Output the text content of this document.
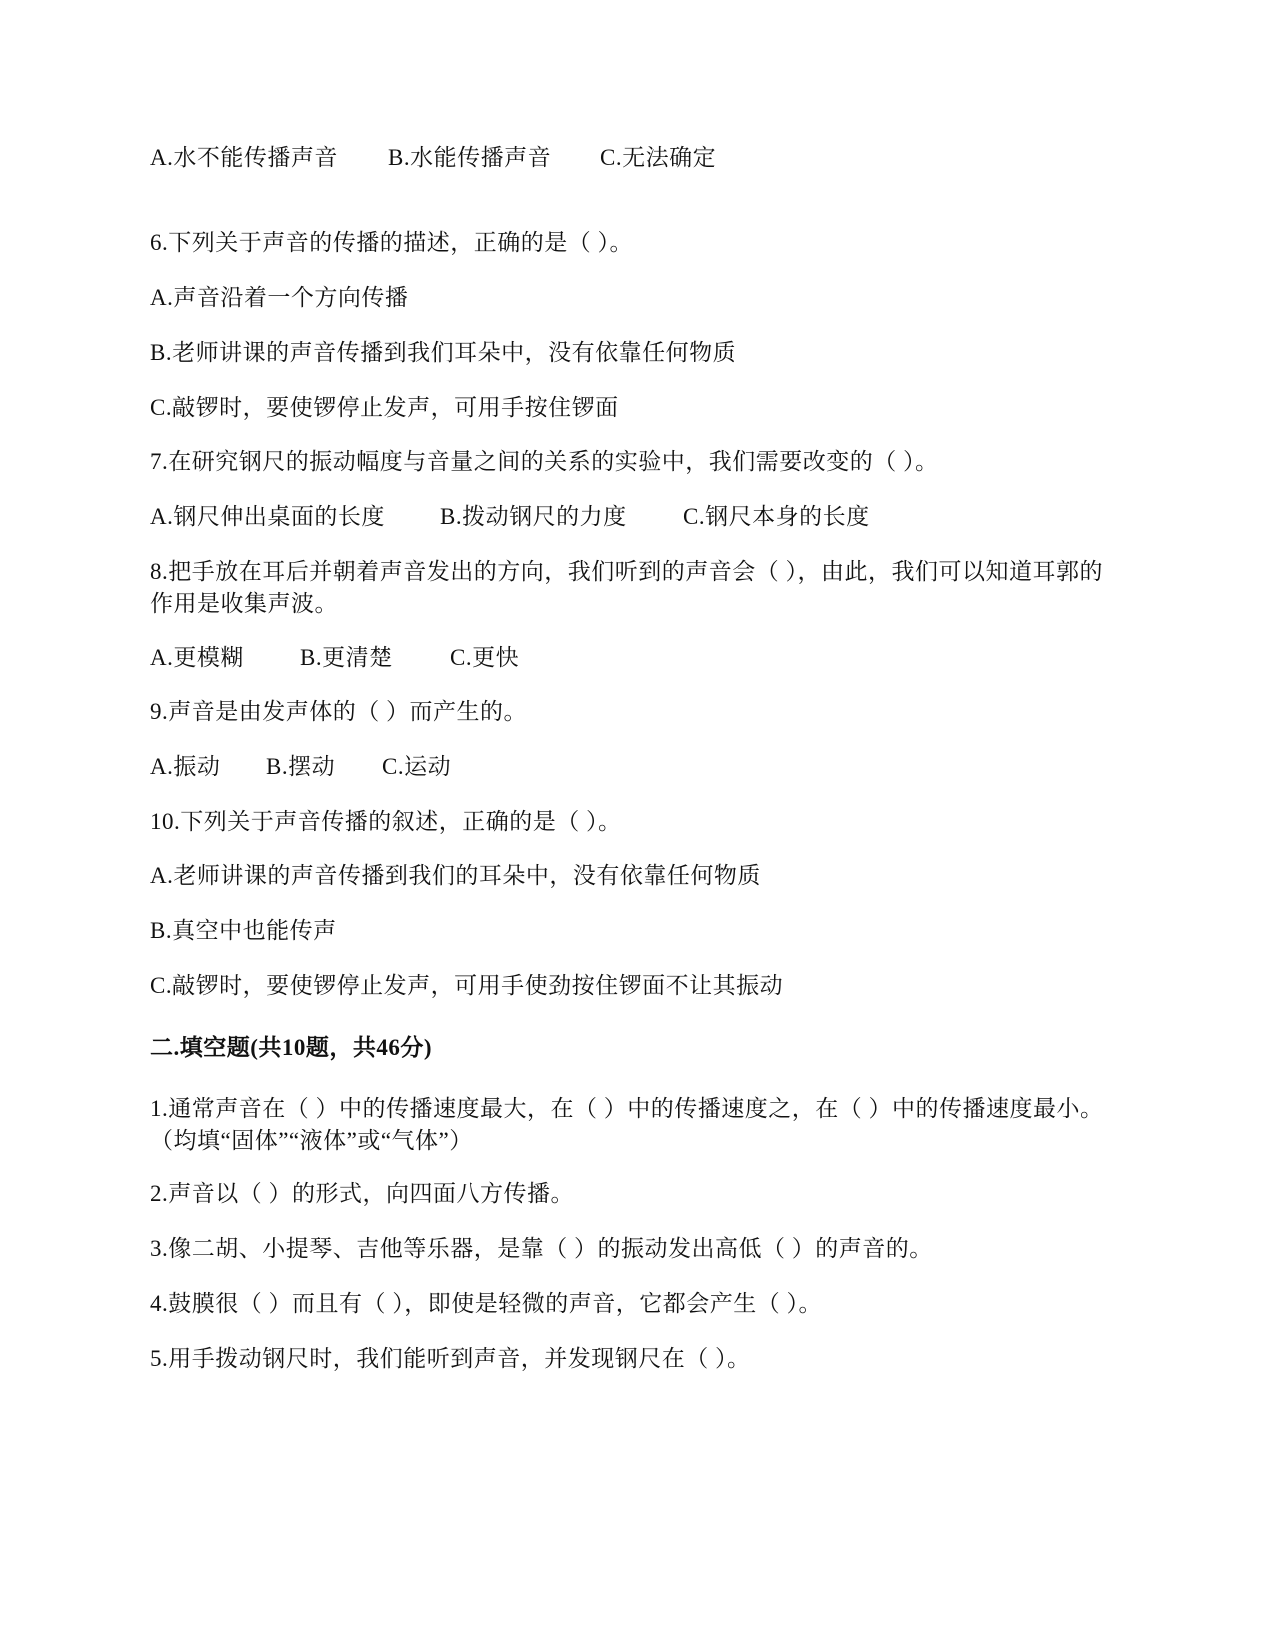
A.水不能传播声音	B.水能传播声音	C.无法确定
6.下列关于声音的传播的描述，正确的是（ ）。
A.声音沿着一个方向传播
B.老师讲课的声音传播到我们耳朵中，没有依靠任何物质
C.敲锣时，要使锣停止发声，可用手按住锣面
7.在研究钢尺的振动幅度与音量之间的关系的实验中，我们需要改变的（ ）。
A.钢尺伸出桌面的长度	B.拨动钢尺的力度	C.钢尺本身的长度
8.把手放在耳后并朝着声音发出的方向，我们听到的声音会（ ），由此，我们可以知道耳郭的作用是收集声波。
A.更模糊	B.更清楚	C.更快
9.声音是由发声体的（ ）而产生的。
A.振动	B.摆动	C.运动
10.下列关于声音传播的叙述，正确的是（ ）。
A.老师讲课的声音传播到我们的耳朵中，没有依靠任何物质
B.真空中也能传声
C.敲锣时，要使锣停止发声，可用手使劲按住锣面不让其振动
二.填空题(共10题，共46分)
1.通常声音在（ ）中的传播速度最大，在（ ）中的传播速度之，在（ ）中的传播速度最小。（均填“固体”“液体”或“气体”）
2.声音以（ ）的形式，向四面八方传播。
3.像二胡、小提琴、吉他等乐器，是靠（ ）的振动发出高低（ ）的声音的。
4.鼓膜很（ ）而且有（ ），即使是轻微的声音，它都会产生（ ）。
5.用手拨动钢尺时，我们能听到声音，并发现钢尺在（ ）。
